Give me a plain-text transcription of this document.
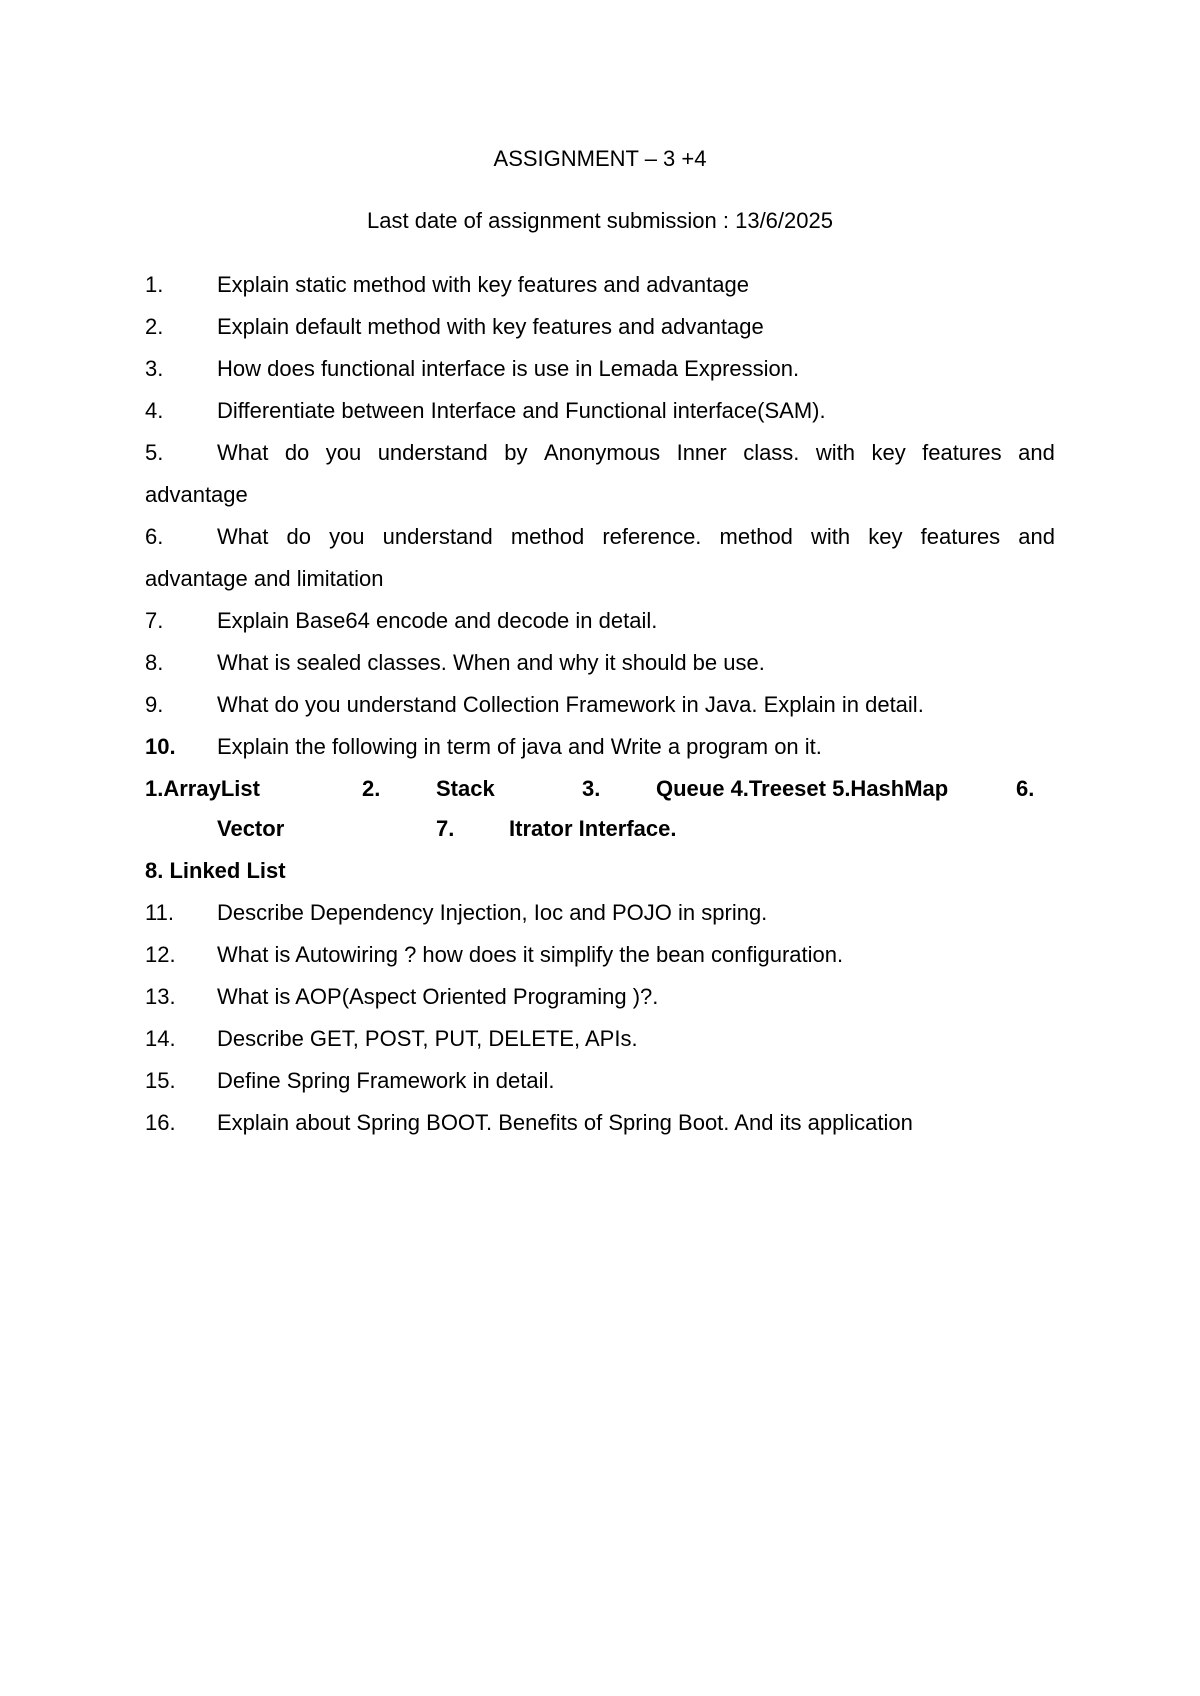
ASSIGNMENT – 3 +4
Last date of assignment submission : 13/6/2025
1. Explain static method with key features and advantage
2. Explain default method with key features and advantage
3. How does functional interface is use in Lemada Expression.
4. Differentiate between Interface and Functional interface(SAM).
5. What do you understand by Anonymous Inner class. with key features and
advantage
6. What do you understand method reference. method with key features and
advantage and limitation
7. Explain Base64 encode and decode in detail.
8. What is sealed classes. When and why it should be use.
9. What do you understand Collection Framework in Java. Explain in detail.
10. Explain the following in term of java and Write a program on it.
1.ArrayList	2.	Stack	3.	Queue 4.Treeset 5.HashMap	6.
Vector	7. Itrator Interface.
8. Linked List
11. Describe Dependency Injection, Ioc and POJO in spring.
12. What is Autowiring ? how does it simplify the bean configuration.
13. What is AOP(Aspect Oriented Programing )?.
14. Describe GET, POST, PUT, DELETE, APIs.
15. Define Spring Framework in detail.
16. Explain about Spring BOOT. Benefits of Spring Boot. And its application
